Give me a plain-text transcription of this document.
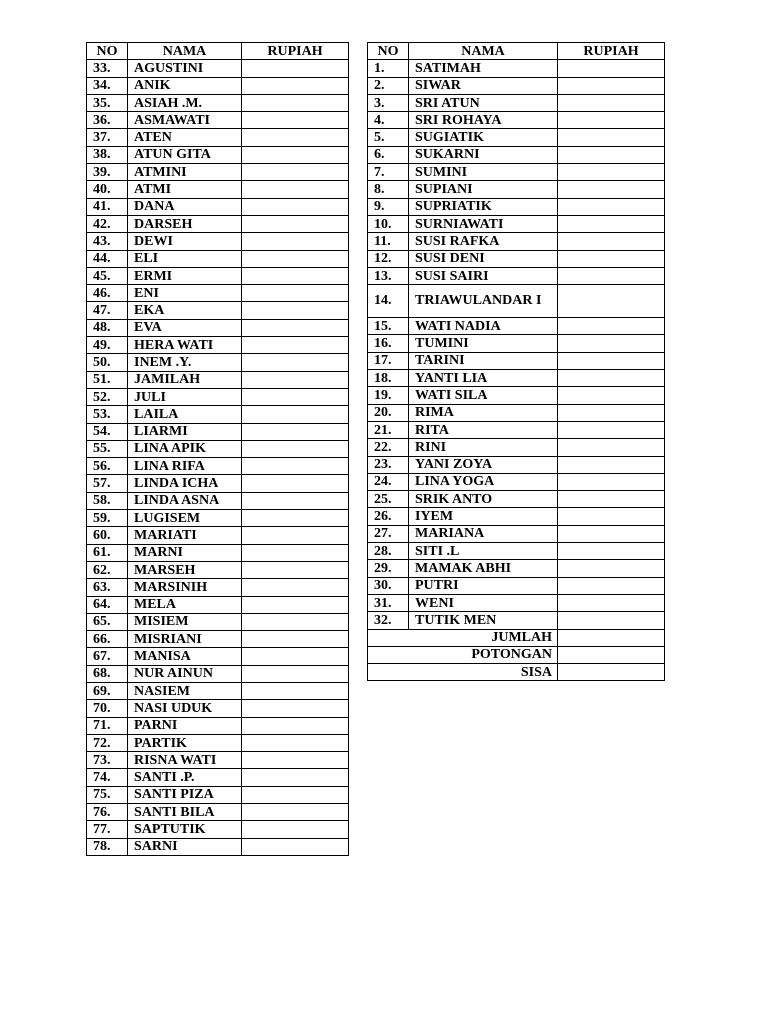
NO	NAMA	RUPIAH
33.	AGUSTINI	
34.	ANIK	
35.	ASIAH .M.	
36.	ASMAWATI	
37.	ATEN	
38.	ATUN GITA	
39.	ATMINI	
40.	ATMI	
41.	DANA	
42.	DARSEH	
43.	DEWI	
44.	ELI	
45.	ERMI	
46.	ENI	
47.	EKA	
48.	EVA	
49.	HERA WATI	
50.	INEM .Y.	
51.	JAMILAH	
52.	JULI	
53.	LAILA	
54.	LIARMI	
55.	LINA APIK	
56.	LINA RIFA	
57.	LINDA ICHA	
58.	LINDA ASNA	
59.	LUGISEM	
60.	MARIATI	
61.	MARNI	
62.	MARSEH	
63.	MARSINIH	
64.	MELA	
65.	MISIEM	
66.	MISRIANI	
67.	MANISA	
68.	NUR AINUN	
69.	NASIEM	
70.	NASI UDUK	
71.	PARNI	
72.	PARTIK	
73.	RISNA WATI	
74.	SANTI .P.	
75.	SANTI PIZA	
76.	SANTI BILA	
77.	SAPTUTIK	
78.	SARNI	
NO	NAMA	RUPIAH
1.	SATIMAH	
2.	SIWAR	
3.	SRI ATUN	
4.	SRI ROHAYA	
5.	SUGIATIK	
6.	SUKARNI	
7.	SUMINI	
8.	SUPIANI	
9.	SUPRIATIK	
10.	SURNIAWATI	
11.	SUSI RAFKA	
12.	SUSI DENI	
13.	SUSI SAIRI	
14.	TRIAWULANDAR I	
15.	WATI NADIA	
16.	TUMINI	
17.	TARINI	
18.	YANTI LIA	
19.	WATI SILA	
20.	RIMA	
21.	RITA	
22.	RINI	
23.	YANI ZOYA	
24.	LINA YOGA	
25.	SRIK ANTO	
26.	IYEM	
27.	MARIANA	
28.	SITI .L	
29.	MAMAK ABHI	
30.	PUTRI	
31.	WENI	
32.	TUTIK MEN	
JUMLAH		
POTONGAN		
SISA		
